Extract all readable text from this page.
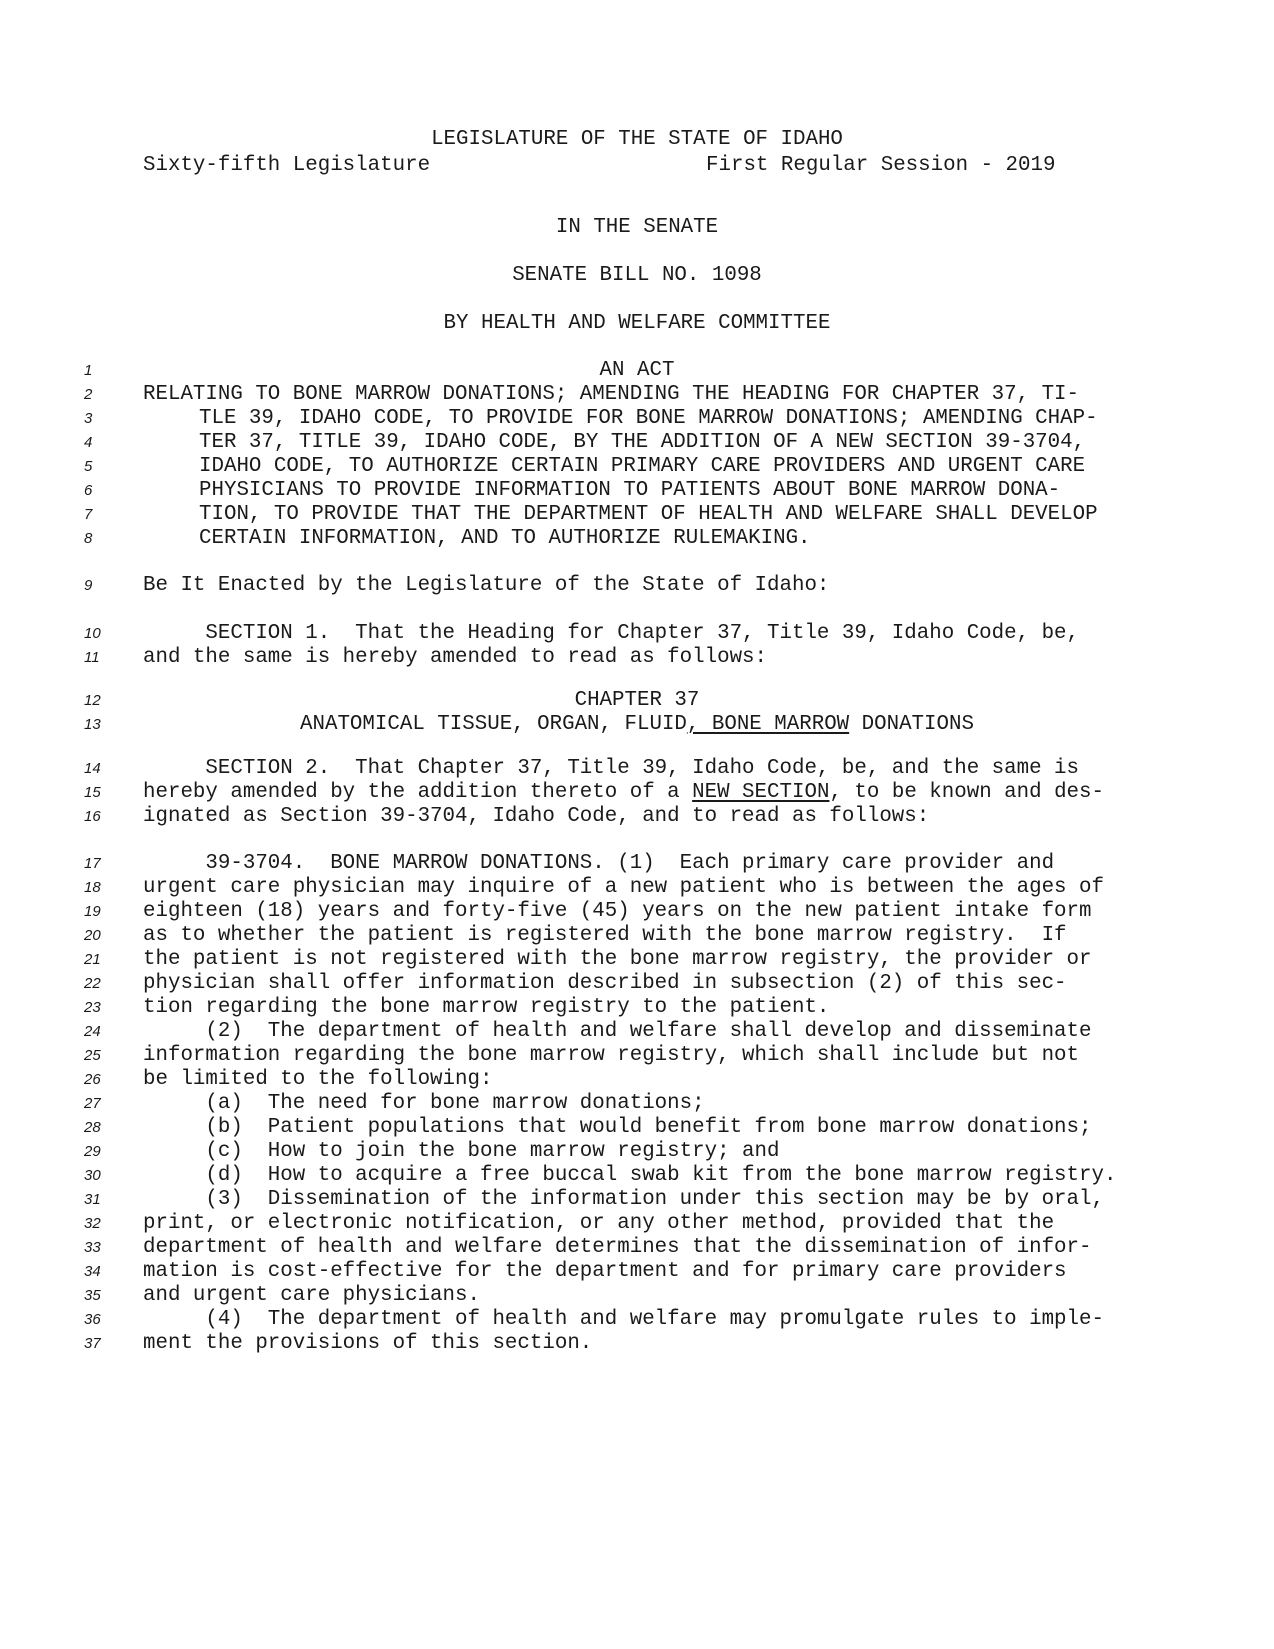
LEGISLATURE OF THE STATE OF IDAHO
Sixty-fifth Legislature	First Regular Session - 2019
IN THE SENATE
SENATE BILL NO. 1098
BY HEALTH AND WELFARE COMMITTEE
1
2
3
4
5
6
7
8
9
10
11
12
13
14
15
16
17
18
19
20
21
22
23
24
25
26
27
28
29
30
31
32
33
34
35
36
37
AN ACT
RELATING TO BONE MARROW DONATIONS; AMENDING THE HEADING FOR CHAPTER 37, TI-
TLE 39, IDAHO CODE, TO PROVIDE FOR BONE MARROW DONATIONS; AMENDING CHAP-
TER 37, TITLE 39, IDAHO CODE, BY THE ADDITION OF A NEW SECTION 39-3704,
IDAHO CODE, TO AUTHORIZE CERTAIN PRIMARY CARE PROVIDERS AND URGENT CARE
PHYSICIANS TO PROVIDE INFORMATION TO PATIENTS ABOUT BONE MARROW DONA-
TION, TO PROVIDE THAT THE DEPARTMENT OF HEALTH AND WELFARE SHALL DEVELOP
CERTAIN INFORMATION, AND TO AUTHORIZE RULEMAKING.
Be It Enacted by the Legislature of the State of Idaho:
SECTION 1.  That the Heading for Chapter 37, Title 39, Idaho Code, be,
and the same is hereby amended to read as follows:
CHAPTER 37
ANATOMICAL TISSUE, ORGAN, FLUID, BONE MARROW DONATIONS
SECTION 2.  That Chapter 37, Title 39, Idaho Code, be, and the same is
hereby amended by the addition thereto of a NEW SECTION, to be known and des-
ignated as Section 39-3704, Idaho Code, and to read as follows:
39-3704.  BONE MARROW DONATIONS. (1)  Each primary care provider and
urgent care physician may inquire of a new patient who is between the ages of
eighteen (18) years and forty-five (45) years on the new patient intake form
as to whether the patient is registered with the bone marrow registry.  If
the patient is not registered with the bone marrow registry, the provider or
physician shall offer information described in subsection (2) of this sec-
tion regarding the bone marrow registry to the patient.
(2)  The department of health and welfare shall develop and disseminate
information regarding the bone marrow registry, which shall include but not
be limited to the following:
(a)  The need for bone marrow donations;
(b)  Patient populations that would benefit from bone marrow donations;
(c)  How to join the bone marrow registry; and
(d)  How to acquire a free buccal swab kit from the bone marrow registry.
(3)  Dissemination of the information under this section may be by oral,
print, or electronic notification, or any other method, provided that the
department of health and welfare determines that the dissemination of infor-
mation is cost-effective for the department and for primary care providers
and urgent care physicians.
(4)  The department of health and welfare may promulgate rules to imple-
ment the provisions of this section.
